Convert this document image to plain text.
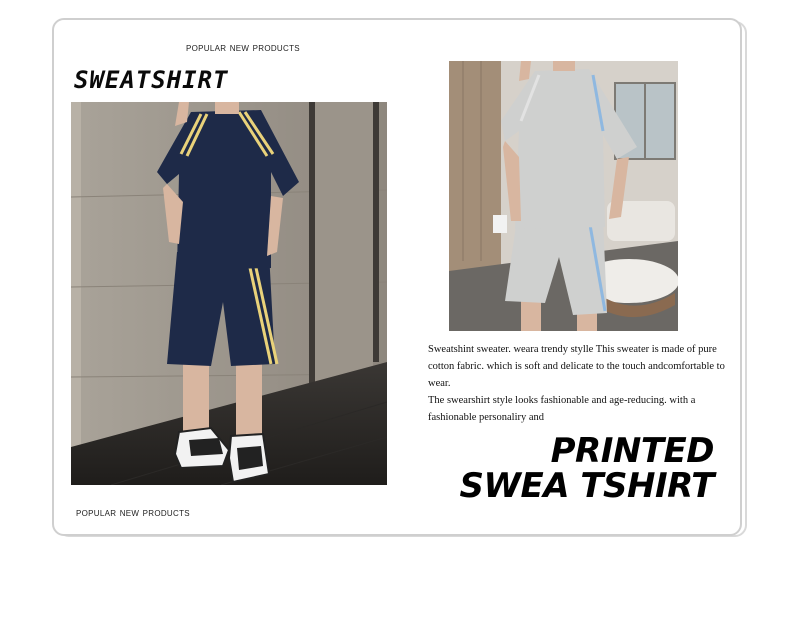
popular new products
SWEATSHIRT

Sweatshint sweater. weara trendy stylle This sweater is made of pure cotton fabric. which is soft and delicate to the touch andcomfortable to wear.

The swearshirt style looks fashionable and age-reducing. with a fashionable personaliry and

PRINTED
SWEA TSHIRT
popular new products
